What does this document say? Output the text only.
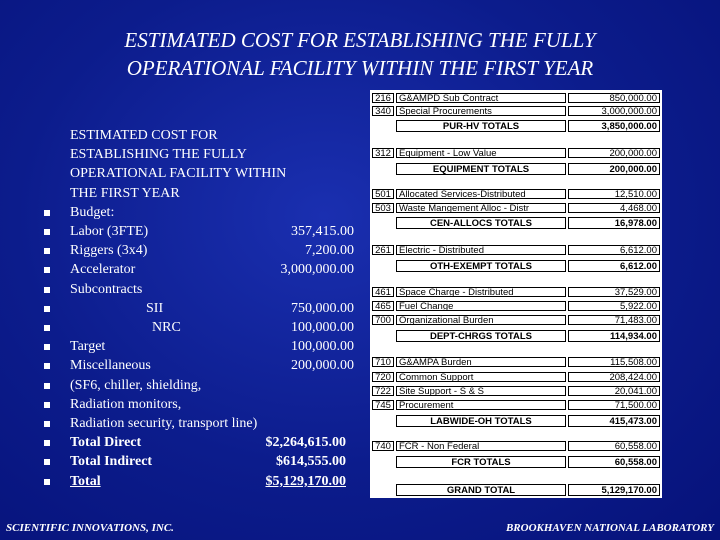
ESTIMATED COST FOR ESTABLISHING THE FULLY
OPERATIONAL FACILITY WITHIN THE FIRST YEAR
ESTIMATED COST FOR
ESTABLISHING THE FULLY
OPERATIONAL FACILITY WITHIN
THE FIRST YEAR
Budget:
Labor (3FTE)	357,415.00
Riggers (3x4)	7,200.00
Accelerator	3,000,000.00
Subcontracts
SII	750,000.00
NRC	100,000.00
Target	100,000.00
Miscellaneous	200,000.00
(SF6, chiller, shielding,
Radiation monitors,
Radiation security, transport line)
Total Direct	$2,264,615.00
Total Indirect	$614,555.00
Total	$5,129,170.00
216 G&AMPD Sub Contract	850,000.00
340 Special Procurements	3,000,000.00
PUR-HV TOTALS	3,850,000.00
312 Equipment - Low Value	200,000.00
EQUIPMENT TOTALS	200,000.00
501 Allocated Services-Distributed	12,510.00
503 Waste Mangement Alloc - Distr	4,468.00
CEN-ALLOCS TOTALS	16,978.00
261 Electric - Distributed	6,612.00
OTH-EXEMPT TOTALS	6,612.00
461 Space Charge - Distributed	37,529.00
465 Fuel Change	5,922.00
700 Organizational Burden	71,483.00
DEPT-CHRGS TOTALS	114,934.00
710 G&AMPA Burden	115,508.00
720 Common Support	208,424.00
722 Site Support - S & S	20,041.00
745 Procurement	71,500.00
LABWIDE-OH TOTALS	415,473.00
740 FCR - Non Federal	60,558.00
FCR TOTALS	60,558.00
GRAND TOTAL	5,129,170.00
SCIENTIFIC INNOVATIONS, INC.	BROOKHAVEN NATIONAL LABORATORY
